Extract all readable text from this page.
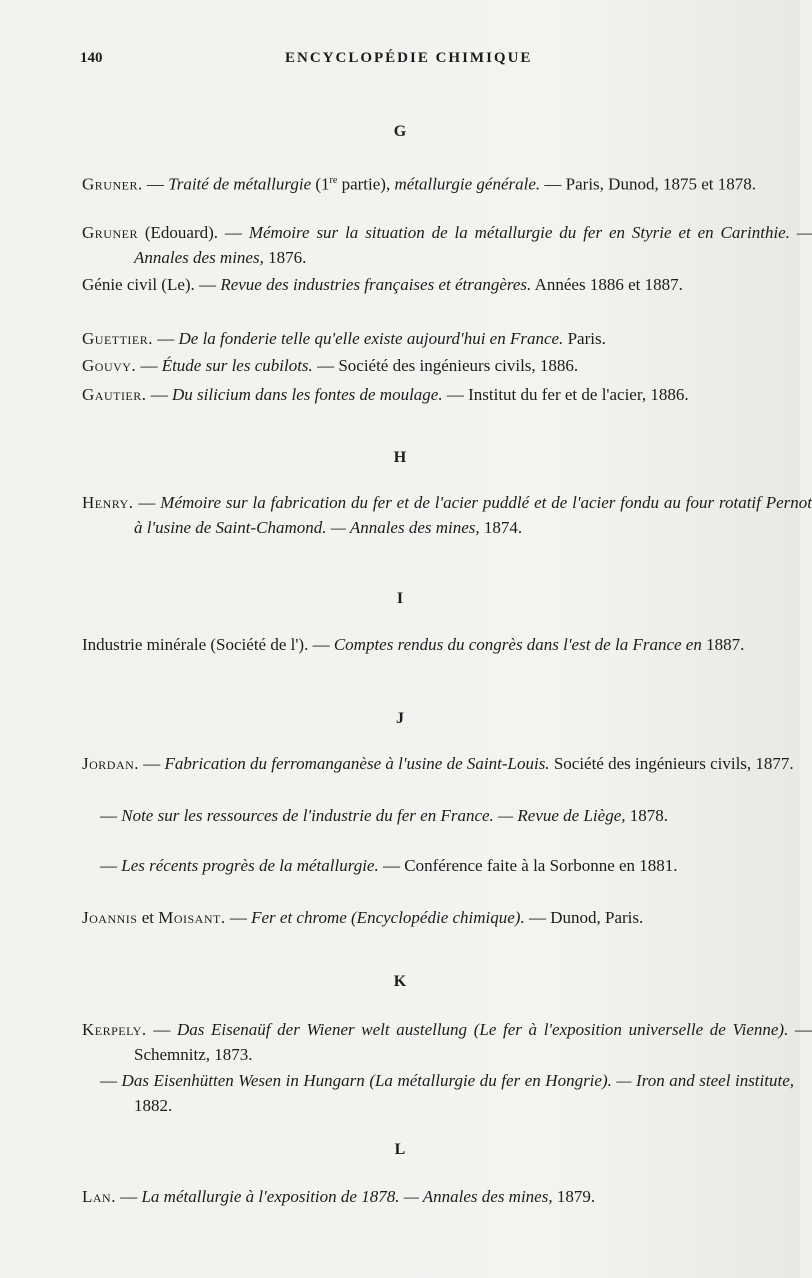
140	ENCYCLOPÉDIE CHIMIQUE
G
Gruner. — Traité de métallurgie (1re partie), métallurgie générale. — Paris, Dunod, 1875 et 1878.
Gruner (Edouard). — Mémoire sur la situation de la métallurgie du fer en Styrie et en Carinthie. — Annales des mines, 1876.
Génie civil (Le). — Revue des industries françaises et étrangères. Années 1886 et 1887.
Guettier. — De la fonderie telle qu'elle existe aujourd'hui en France. Paris.
Gouvy. — Étude sur les cubilots. — Société des ingénieurs civils, 1886.
Gautier. — Du silicium dans les fontes de moulage. — Institut du fer et de l'acier, 1886.
H
Henry. — Mémoire sur la fabrication du fer et de l'acier puddlé et de l'acier fondu au four rotatif Pernot à l'usine de Saint-Chamond. — Annales des mines, 1874.
I
Industrie minérale (Société de l'). — Comptes rendus du congrès dans l'est de la France en 1887.
J
Jordan. — Fabrication du ferromanganèse à l'usine de Saint-Louis. Société des ingénieurs civils, 1877.
— Note sur les ressources de l'industrie du fer en France. — Revue de Liège, 1878.
— Les récents progrès de la métallurgie. — Conférence faite à la Sorbonne en 1881.
Joannis et Moisant. — Fer et chrome (Encyclopédie chimique). — Dunod, Paris.
K
Kerpely. — Das Eisenaüf der Wiener welt austellung (Le fer à l'exposition universelle de Vienne). — Schemnitz, 1873.
— Das Eisenhütten Wesen in Hungarn (La métallurgie du fer en Hongrie). — Iron and steel institute, 1882.
L
Lan. — La métallurgie à l'exposition de 1878. — Annales des mines, 1879.
